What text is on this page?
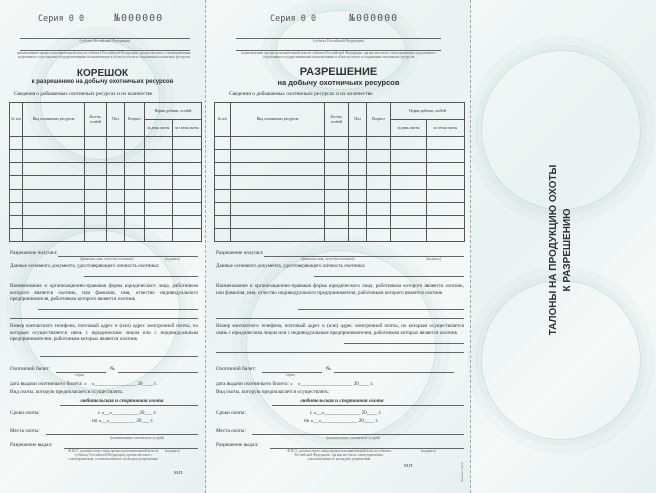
Серия 0 0	№000000
(субъект Российской Федерации)
наименование органа исполнительной власти субъекта Российской Федерации, органа местного самоуправления, наделенного отдельными государственными полномочиями в области охоты и сохранения охотничьих ресурсов
КОРЕШОК
к разрешению на добычу охотничьих ресурсов
Сведения о добываемых охотничьих ресурсах и их количестве
№ п/п	Вид охотничьих ресурсов	Кол-во, особей	Пол	Возраст	Норма добычи, особей	
					за день охоты	за сезон охоты

Разрешение получил:
(фамилия, имя, отчество охотника)	(подпись)
Данные основного документа, удостоверяющего личность охотника:
Наименование и организационно-правовая форма юридического лица, работником которого является охотник, или фамилия, имя, отчество индивидуального предпринимателя, работником которого является охотник
Номер контактного телефона, почтовый адрес и (или) адрес электронной почты, по которым осуществляется связь с юридическим лицом или с индивидуальным предпринимателем, работником которых является охотник
Охотничий билет:	№
серия
дата выдачи охотничьего билета: «    »________________ 20____ г.
Вид охоты, которую предполагается осуществлять:
любительская и спортивная охота
Сроки охоты:	с «__»__________ 20___ г.
по «__»__________ 20___ г.
Места охоты:
(наименование охотничьих угодий)
Разрешение выдал:
Ф.И.О. должностного лица органа исполнительной власти субъекта Российской Федерации, органа местного самоуправления, уполномоченного на выдачу разрешения
(подпись)
М.П.
Серия 0 0	№000000
(субъект Российской Федерации)
наименование органа исполнительной власти субъекта Российской Федерации, органа местного самоуправления, наделенного отдельными государственными полномочиями в области охоты и сохранения охотничьих ресурсов
РАЗРЕШЕНИЕ
на добычу охотничьих ресурсов
Сведения о добываемых охотничьих ресурсах и их количестве
№ п/п	Вид охотничьих ресурсов	Кол-во, особей	Пол	Возраст	Норма добычи, особей	
					за день охоты	за сезон охоты

Разрешение получил:
(фамилия, имя, отчество охотника)	(подпись)
Данные основного документа, удостоверяющего личность охотника:
Наименование и организационно-правовая форма юридического лица, работником которого является охотник, или фамилия, имя, отчество индивидуального предпринимателя, работником которого является охотник
Номер контактного телефона, почтовый адрес и (или) адрес электронной почты, по которым осуществляется связь с юридическим лицом или с индивидуальным предпринимателем, работником которых является охотник
Охотничий билет:	№
серия
дата выдачи охотничьего билета: «    »____________________ 20____ г.
Вид охоты, которую предполагается осуществлять:
любительская и спортивная охота
Сроки охоты:	с «__»______________ 20____ г.
по «__»______________ 20____ г.
Места охоты:
(наименование охотничьих угодий)
Разрешение выдал:
Ф.И.О. должностного лица органа исполнительной власти субъекта Российской Федерации, органа местного самоуправления, уполномоченного на выдачу разрешения
(подпись)
М.П.	Линия отреза
ТАЛОНЫ НА ПРОДУКЦИЮ ОХОТЫ К РАЗРЕШЕНИЮ
